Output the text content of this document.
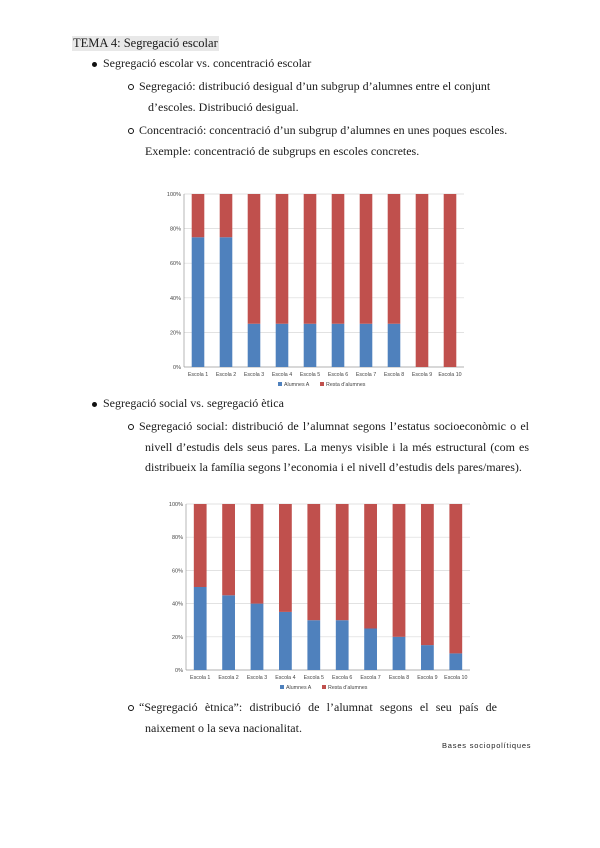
TEMA 4: Segregació escolar
Segregació escolar vs. concentració escolar
Segregació: distribució desigual d’un subgrup d’alumnes entre el conjunt
d’escoles. Distribució desigual.
Concentració: concentració d’un subgrup d’alumnes en unes poques escoles.
Exemple: concentració de subgrups en escoles concretes.
0%
20%
40%
60%
80%
100%
Escola 1 Escola 2 Escola 3 Escola 4 Escola 5 Escola 6 Escola 7 Escola 8 Escola 9 Escola 10
Alumnes A	Resta d’alumnes
Segregació social vs. segregació ètica
Segregació social: distribució de l’alumnat segons l’estatus socioeconòmic o el nivell d’estudis dels seus pares. La menys visible i la més estructural (com es distribueix la família segons l’economia i el nivell d’estudis dels pares/mares).
0%
20%
40%
60%
80%
100%
Escola 1 Escola 2 Escola 3 Escola 4 Escola 5 Escola 6 Escola 7 Escola 8 Escola 9 Escola 10
Alumnes A	Resta d’alumnes
“Segregació ètnica”: distribució de l’alumnat segons el seu país de naixement o la seva nacionalitat.
Bases sociopolítiques
